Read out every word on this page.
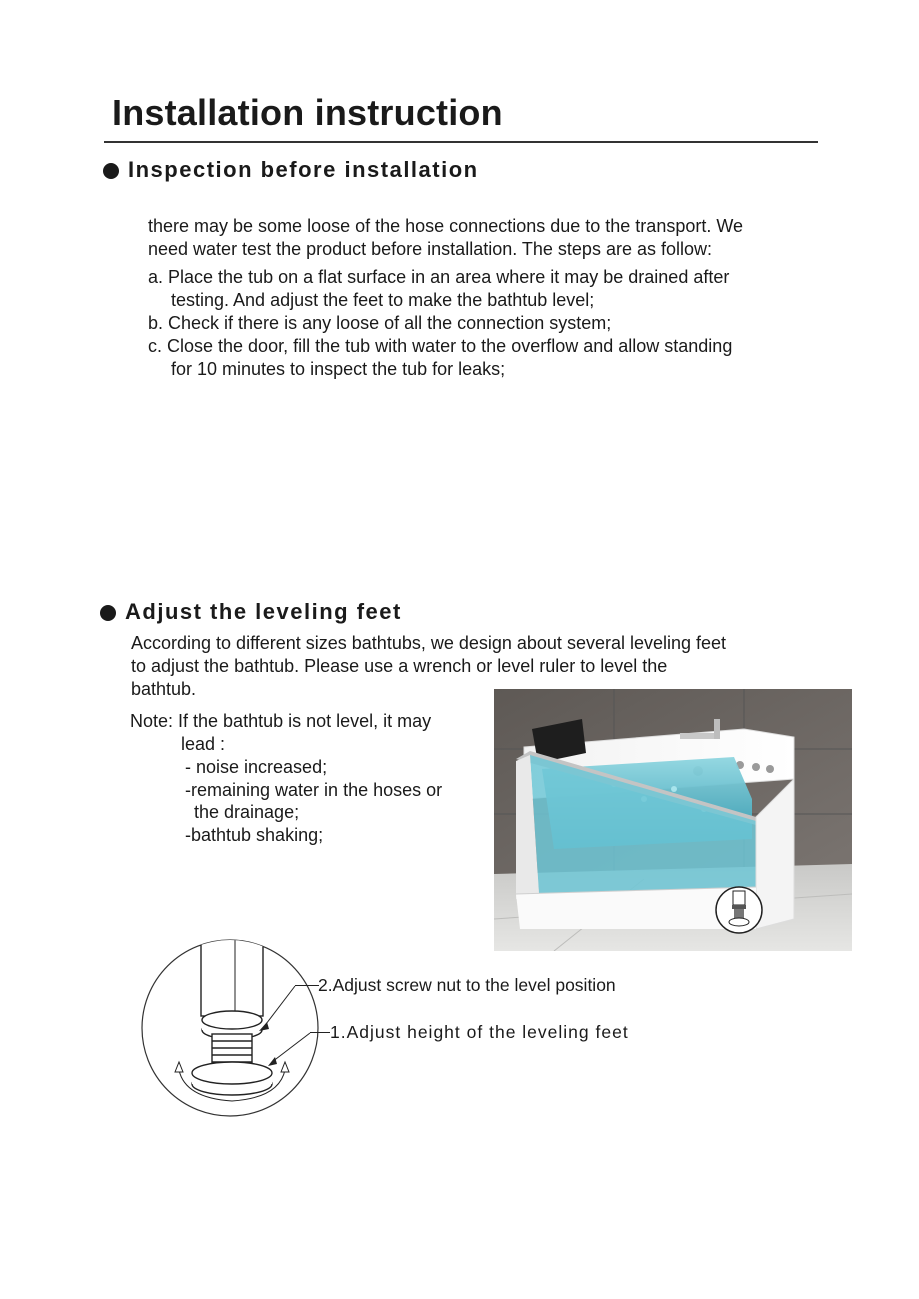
Installation instruction
Inspection before installation
there may be some loose of the hose connections due to the transport. We
need water test the product before installation. The steps are as follow:
a. Place the tub on a flat surface in an area where it may be drained after
testing. And adjust the feet to make the bathtub level;
b. Check if there is any loose of all the connection system;
c. Close the door, fill the tub with water to the overflow and allow standing
for 10 minutes to inspect the tub for leaks;
Adjust the leveling feet
According to different sizes bathtubs, we design about several leveling feet
to adjust the bathtub. Please use a wrench or level ruler to level the
bathtub.
Note: If the bathtub is not level, it may
lead :
- noise increased;
-remaining water in the hoses or
the drainage;
-bathtub shaking;
2.Adjust screw nut to the level position
1.Adjust height of the leveling feet
